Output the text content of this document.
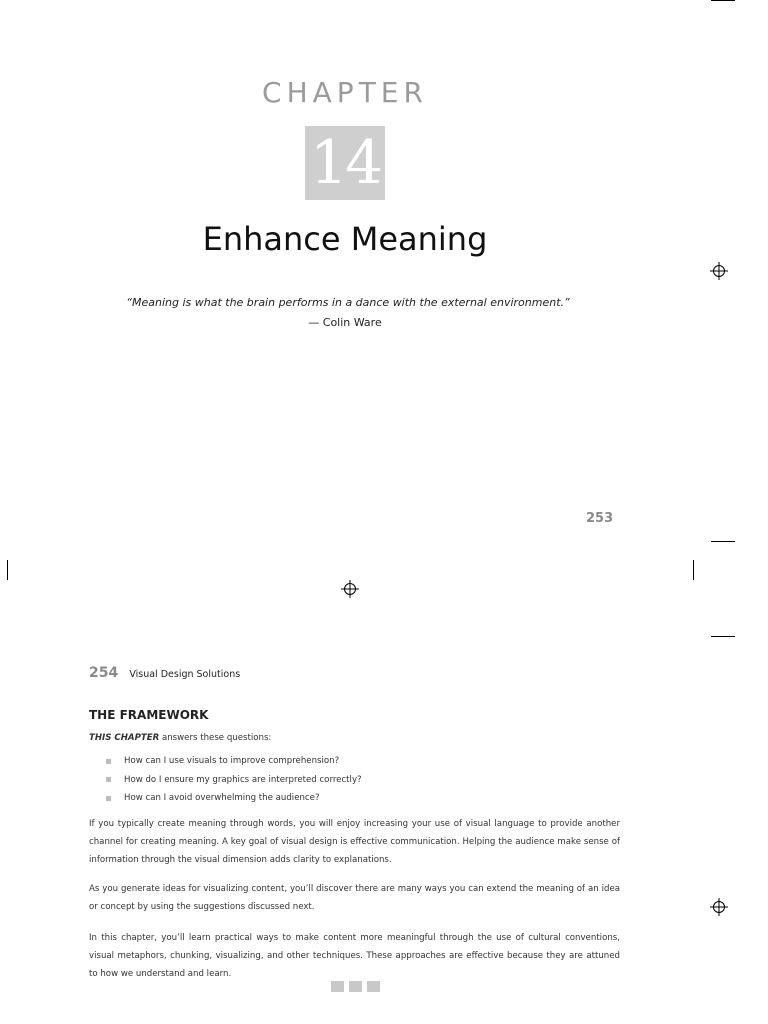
CHAPTER
14
Enhance Meaning

“Meaning is what the brain performs in a dance with the external environment.”

— Colin Ware

253
254 Visual Design Solutions
THE FRAMEWORK

THIS CHAPTER answers these questions:

How can I use visuals to improve comprehension?
How do I ensure my graphics are interpreted correctly?
How can I avoid overwhelming the audience?

If you typically create meaning through words, you will enjoy increasing your use of visual language to provide another channel for creating meaning. A key goal of visual design is effective communication. Helping the audience make sense of information through the visual dimension adds clarity to explanations.

As you generate ideas for visualizing content, you’ll discover there are many ways you can extend the meaning of an idea or concept by using the suggestions discussed next.

In this chapter, you’ll learn practical ways to make content more meaningful through the use of cultural conventions, visual metaphors, chunking, visualizing, and other techniques. These approaches are effective because they are attuned to how we understand and learn.
